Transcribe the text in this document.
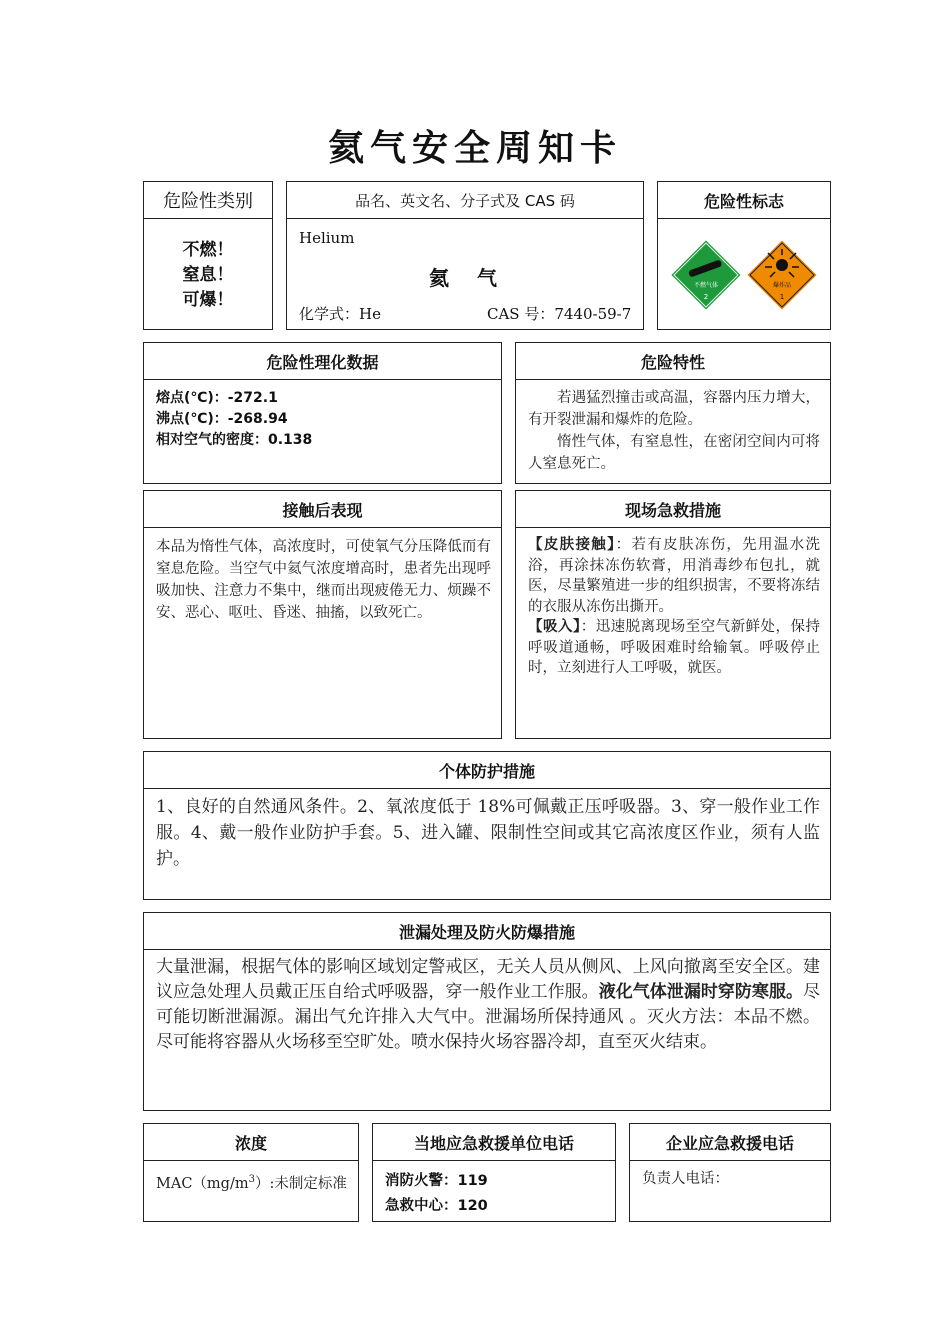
氦气安全周知卡
危险性类别
不燃！
窒息！
可爆！
品名、英文名、分子式及 CAS 码
Helium
氦　气
化学式：He	CAS 号：7440-59-7
危险性标志
不燃气体
2
爆炸品
1
危险性理化数据
熔点(℃)：-272.1
沸点(℃)：-268.94
相对空气的密度：0.138
危险特性
若遇猛烈撞击或高温，容器内压力增大，有开裂泄漏和爆炸的危险。
惰性气体，有窒息性，在密闭空间内可将人窒息死亡。
接触后表现
本品为惰性气体，高浓度时，可使氧气分压降低而有窒息危险。当空气中氦气浓度增高时，患者先出现呼吸加快、注意力不集中，继而出现疲倦无力、烦躁不安、恶心、呕吐、昏迷、抽搐，以致死亡。
现场急救措施
【皮肤接触】：若有皮肤冻伤，先用温水洗浴，再涂抹冻伤软膏，用消毒纱布包扎，就医，尽量繁殖进一步的组织损害，不要将冻结的衣服从冻伤出撕开。
【吸入】：迅速脱离现场至空气新鲜处，保持呼吸道通畅，呼吸困难时给输氧。呼吸停止时，立刻进行人工呼吸，就医。
个体防护措施
1、良好的自然通风条件。2、氧浓度低于 18%可佩戴正压呼吸器。3、穿一般作业工作服。4、戴一般作业防护手套。5、进入罐、限制性空间或其它高浓度区作业，须有人监护。
泄漏处理及防火防爆措施
大量泄漏，根据气体的影响区域划定警戒区，无关人员从侧风、上风向撤离至安全区。建议应急处理人员戴正压自给式呼吸器，穿一般作业工作服。液化气体泄漏时穿防寒服。尽可能切断泄漏源。漏出气允许排入大气中。泄漏场所保持通风 。灭火方法：本品不燃。尽可能将容器从火场移至空旷处。喷水保持火场容器冷却，直至灭火结束。
浓度
$MAC(mg/m^3)$:未制定标准
当地应急救援单位电话
消防火警：119
急救中心：120
企业应急救援电话
负责人电话：
